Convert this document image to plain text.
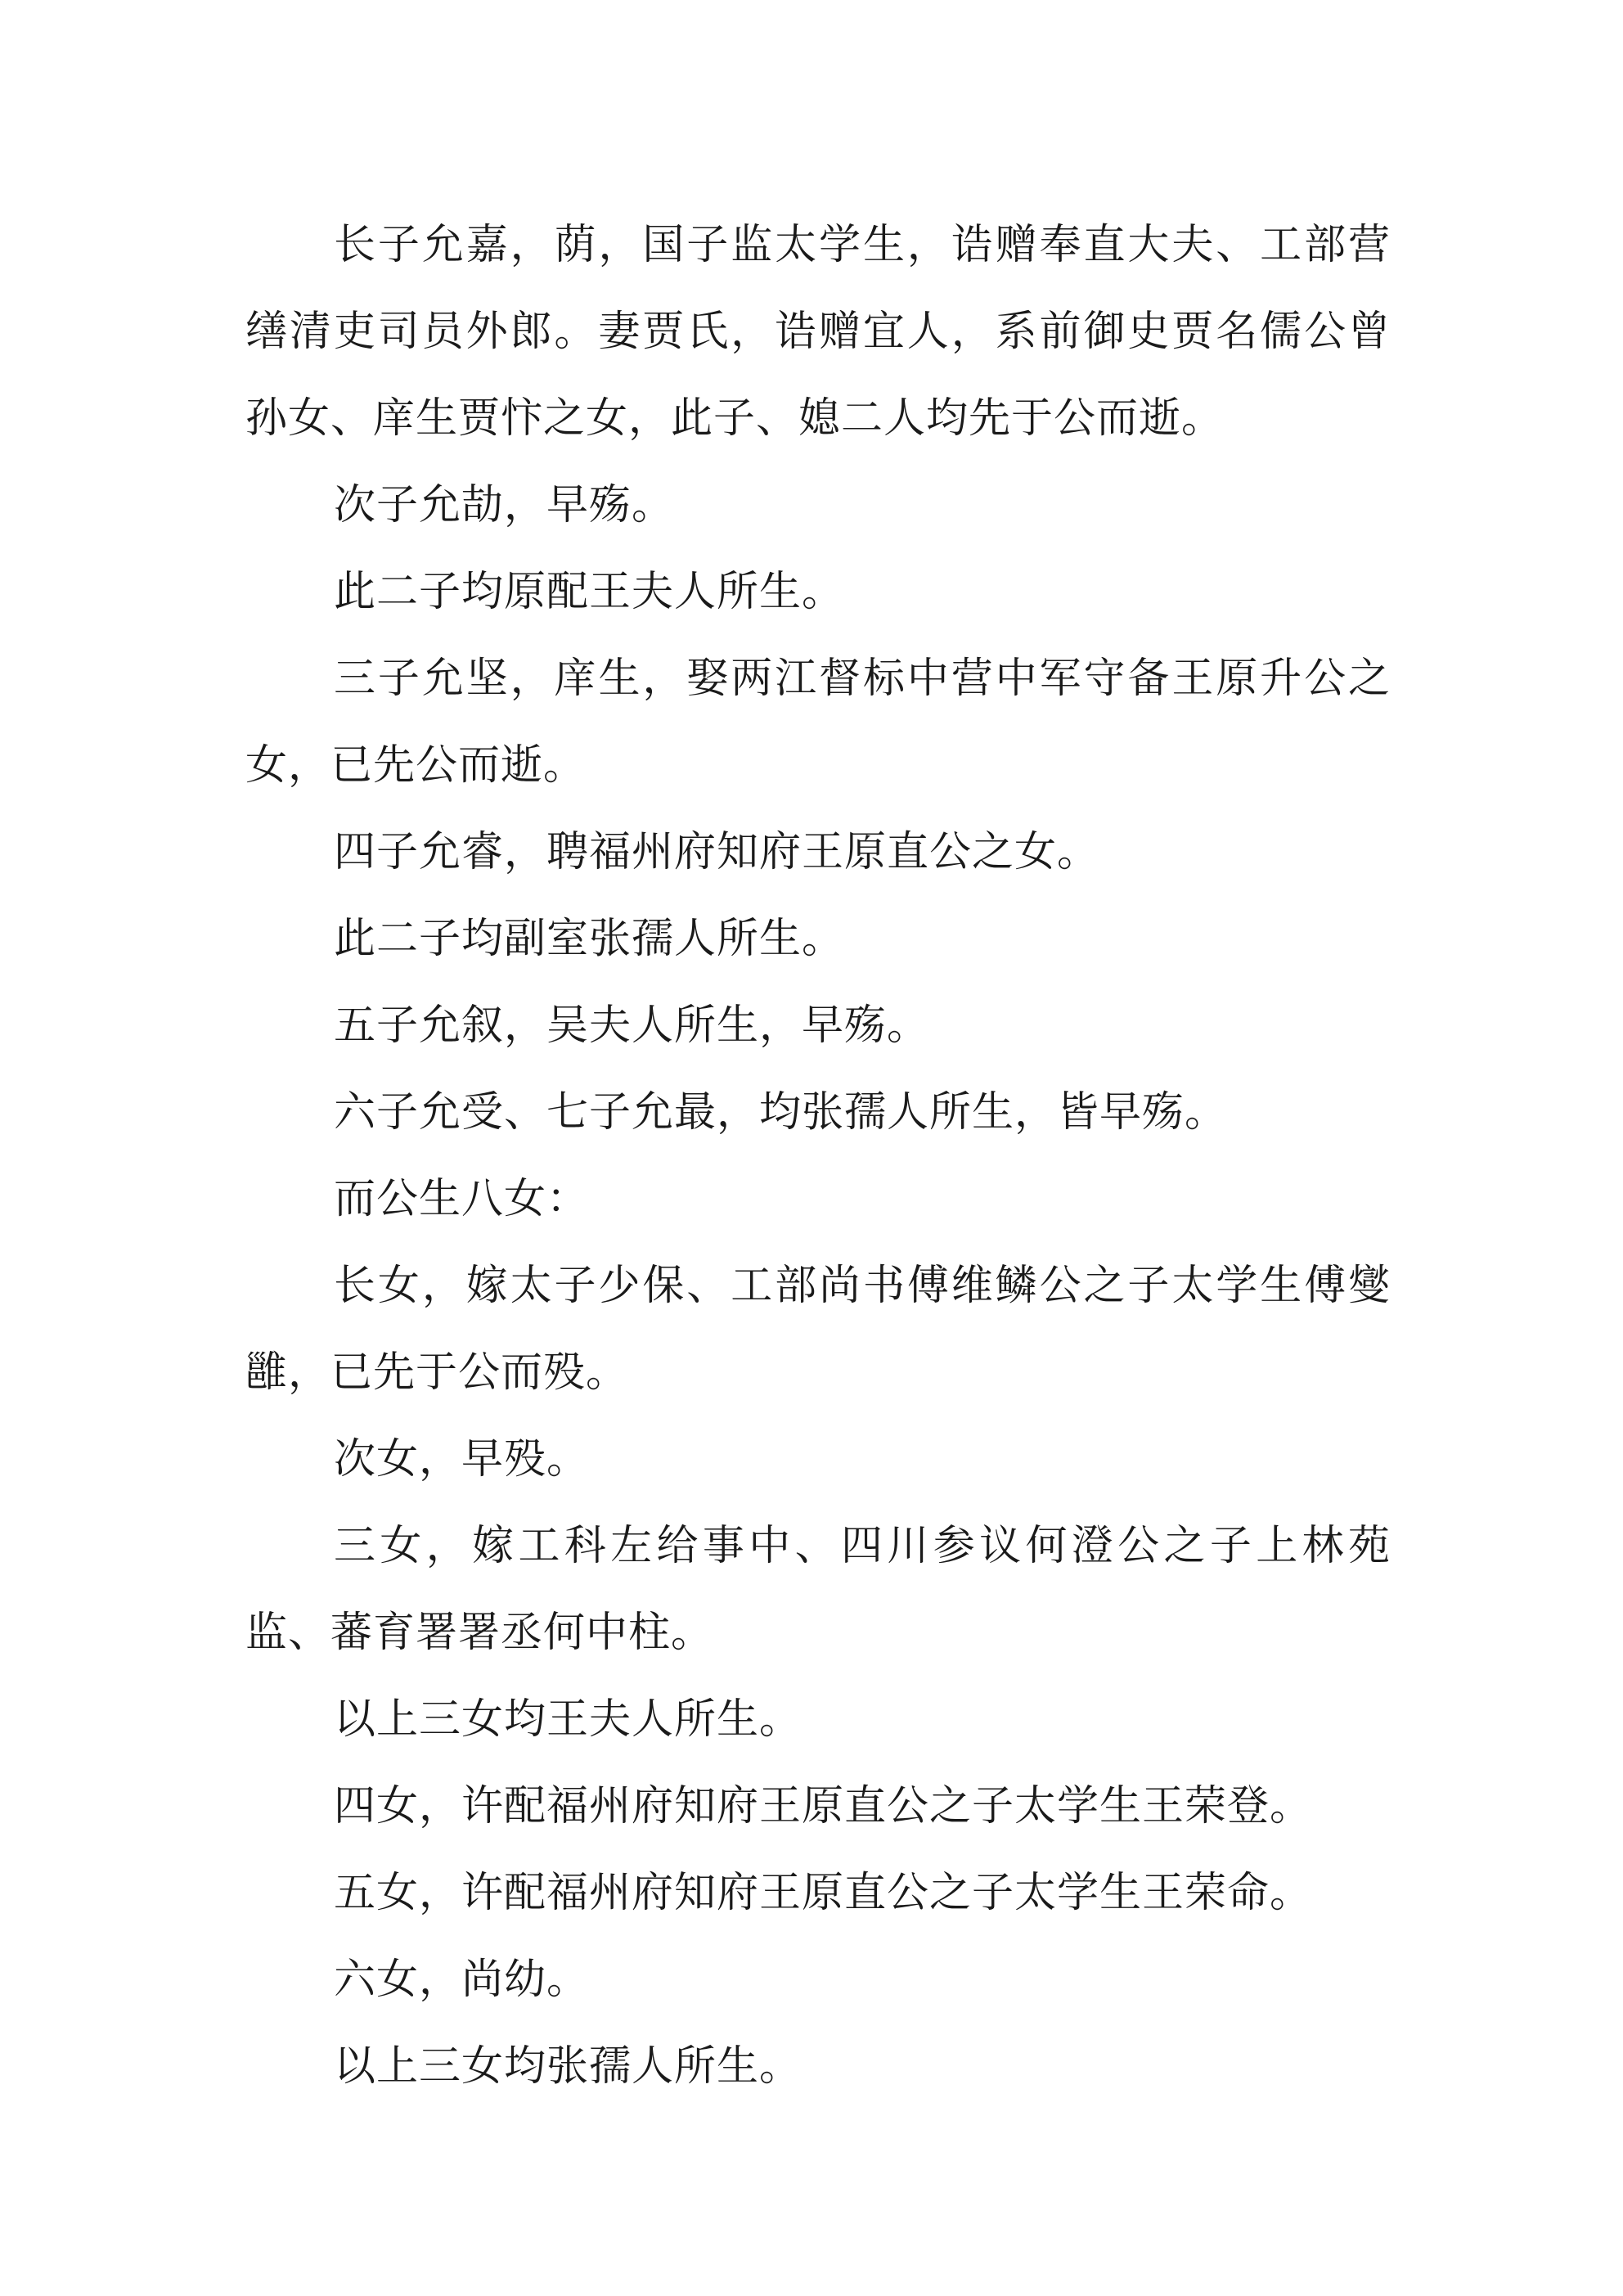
长子允嘉，荫，国子监太学生，诰赠奉直大夫、工部营缮清吏司员外郎。妻贾氏，诰赠宜人，系前御史贾名儒公曾孙女、庠生贾忭之女，此子、媳二人均先于公而逝。

次子允劼，早殇。

此二子均原配王夫人所生。

三子允坚，庠生，娶两江督标中营中军守备王原升公之女，已先公而逝。

四子允睿，聘福州府知府王原直公之女。

此二子均副室张孺人所生。

五子允叙，吴夫人所生，早殇。

六子允受、七子允最，均张孺人所生，皆早殇。

而公生八女：

长女，嫁太子少保、工部尚书傅维鳞公之子太学生傅燮雝，已先于公而殁。

次女，早殁。

三女，嫁工科左给事中、四川参议何澄公之子上林苑监、蕃育署署丞何中柱。

以上三女均王夫人所生。

四女，许配福州府知府王原直公之子太学生王荣登。

五女，许配福州府知府王原直公之子太学生王荣命。

六女，尚幼。

以上三女均张孺人所生。
